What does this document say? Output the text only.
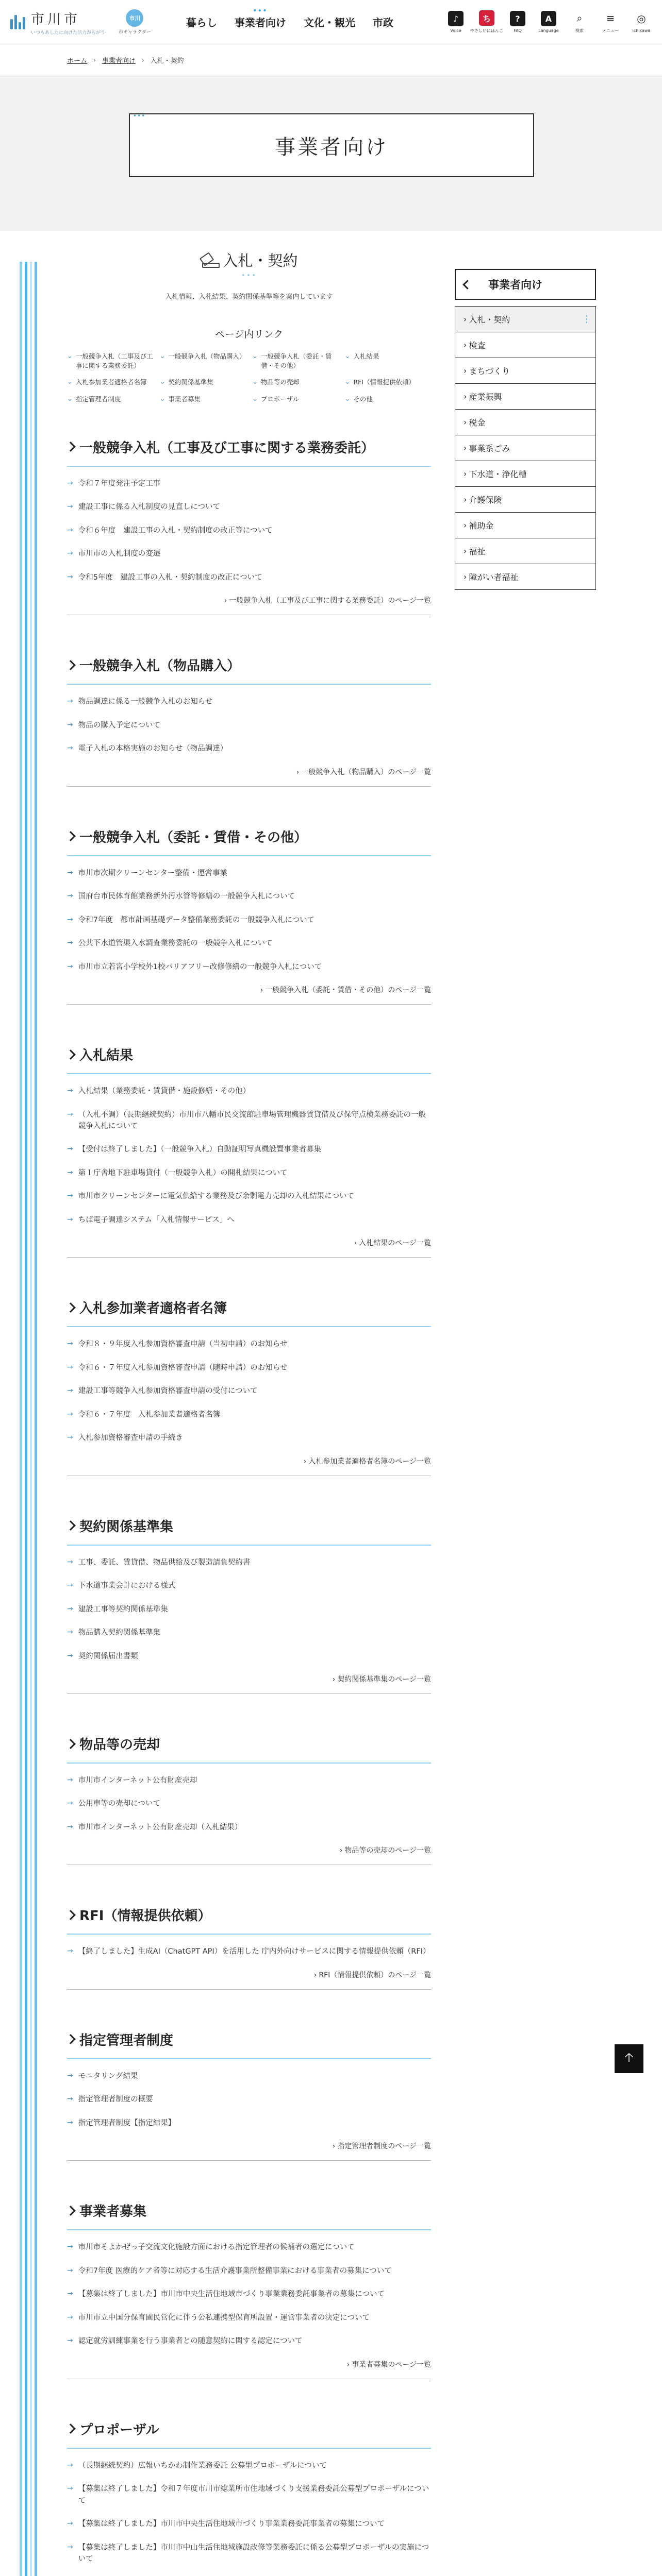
市川市
いつもあしたに向けた活力がちがう
市川
市キャラクター
暮らし
••• 事業者向け 文化・観光 市政	♪
Voice
ち
やさしいにほんご
?
FAQ
A
Language
⌕
検索
≡
メニュー
◎
ichikawa
ホーム › 事業者向け › 入札・契約
••• 事業者向け
入札・契約
•••
入札情報、入札結果、契約関係基準等を案内しています
ページ内リンク
⌄ 一般競争入札（工事及び工事に関する業務委託）
⌄ 一般競争入札（物品購入） ⌄ 一般競争入札（委託・賃借・その他）
⌄ 入札結果
⌄ 入札参加業者適格者名簿 ⌄ 契約関係基準集	⌄ 物品等の売却	⌄ RFI（情報提供依頼）
⌄ 指定管理者制度	⌄ 事業者募集	⌄ プロポーザル	⌄ その他
一般競争入札（工事及び工事に関する業務委託）
→ 令和７年度発注予定工事
→ 建設工事に係る入札制度の見直しについて
→ 令和６年度　建設工事の入札・契約制度の改正等について
→ 市川市の入札制度の変遷
→ 令和5年度　建設工事の入札・契約制度の改正について
› 一般競争入札（工事及び工事に関する業務委託）のページ一覧
一般競争入札（物品購入）
→ 物品調達に係る一般競争入札のお知らせ
→ 物品の購入予定について
→ 電子入札の本格実施のお知らせ（物品調達）
› 一般競争入札（物品購入）のページ一覧
一般競争入札（委託・賃借・その他）
→ 市川市次期クリーンセンター整備・運営事業
→ 国府台市民体育館業務新外汚水管等修繕の一般競争入札について
→ 令和7年度　都市計画基礎データ整備業務委託の一般競争入札について
→ 公共下水道管渠入水調査業務委託の一般競争入札について
→ 市川市立若宮小学校外1校バリアフリー改修修繕の一般競争入札について
› 一般競争入札（委託・賃借・その他）のページ一覧
入札結果
→ 入札結果（業務委託・賃貸借・施設修繕・その他）
→ （入札不調）（長期継続契約）市川市八幡市民交流館駐車場管理機器賃貸借及び保守点検業務委託の一般競争入札について
→ 【受付は終了しました】（一般競争入札）自動証明写真機設置事業者募集
→ 第１庁舎地下駐車場貸付（一般競争入札）の開札結果について
→ 市川市クリーンセンターに電気供給する業務及び余剰電力売却の入札結果について
→ ちば電子調達システム「入札情報サービス」へ
› 入札結果のページ一覧
入札参加業者適格者名簿
→ 令和８・９年度入札参加資格審査申請（当初申請）のお知らせ
→ 令和６・７年度入札参加資格審査申請（随時申請）のお知らせ
→ 建設工事等競争入札参加資格審査申請の受付について
→ 令和６・７年度　入札参加業者適格者名簿
→ 入札参加資格審査申請の手続き
› 入札参加業者適格者名簿のページ一覧
契約関係基準集
→ 工事、委託、賃貸借、物品供給及び製造請負契約書
→ 下水道事業会計における様式
→ 建設工事等契約関係基準集
→ 物品購入契約関係基準集
→ 契約関係届出書類
› 契約関係基準集のページ一覧
物品等の売却
→ 市川市インターネット公有財産売却
→ 公用車等の売却について
→ 市川市インターネット公有財産売却（入札結果）
› 物品等の売却のページ一覧
RFI（情報提供依頼）
→ 【終了しました】生成AI（ChatGPT API）を活用した 庁内外向けサービスに関する情報提供依頼（RFI）
› RFI（情報提供依頼）のページ一覧
指定管理者制度
→ モニタリング結果
→ 指定管理者制度の概要
→ 指定管理者制度【指定結果】
› 指定管理者制度のページ一覧
事業者募集
→ 市川市そよかぜっ子交流文化施設方面における指定管理者の候補者の選定について
→ 令和7年度 医療的ケア者等に対応する生活介護事業所整備事業における事業者の募集について
→ 【募集は終了しました】市川市中央生活住地域市づくり事業業務委託事業者の募集について
→ 市川市立中国分保育園民営化に伴う公私連携型保育所設置・運営事業者の決定について
→ 認定就労訓練事業を行う事業者との随意契約に関する認定について
› 事業者募集のページ一覧
プロポーザル
→ （長期継続契約）広報いちかわ制作業務委託 公募型プロポーザルについて
→ 【募集は終了しました】令和７年度市川市総業所市住地域づくり支援業務委託公募型プロポーザルについて
→ 【募集は終了しました】市川市中央生活住地域市づくり事業業務委託事業者の募集について
→ 【募集は終了しました】市川市中山生活住地域施設改修等業務委託に係る公募型プロポーザルの実施について
事業者向け
› 入札・契約
⋮
› 検査
› まちづくり
› 産業振興
› 税金
› 事業系ごみ
› 下水道・浄化槽
› 介護保険
› 補助金
› 福祉
› 障がい者福祉
🡡
